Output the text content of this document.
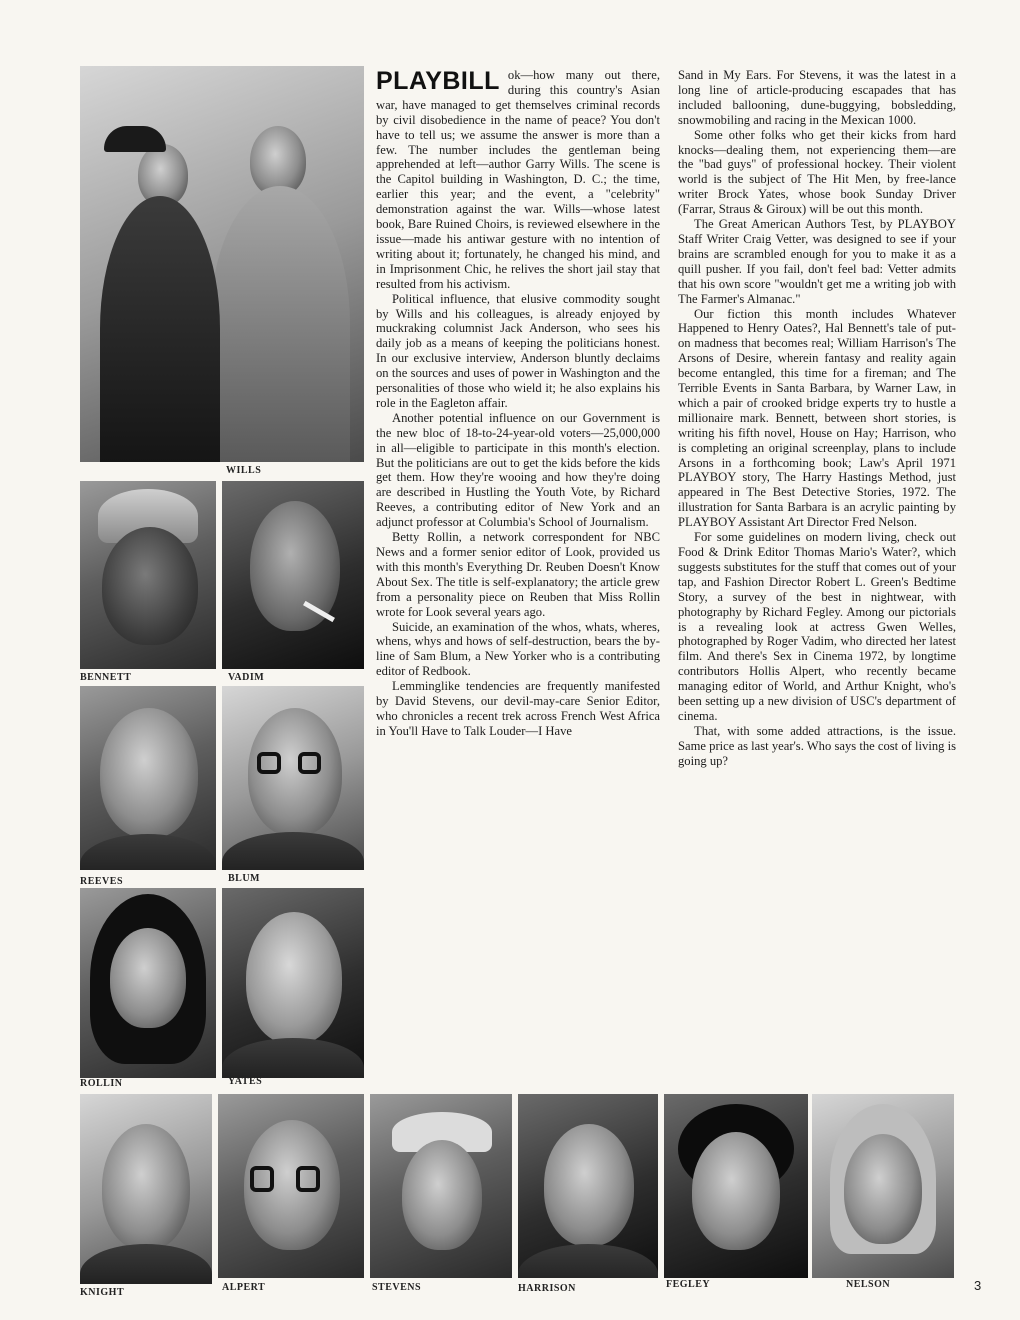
WILLS
BENNETT	VADIM
REEVES	BLUM
ROLLIN	YATES
KNIGHT	ALPERT	STEVENS	HARRISON	FEGLEY	NELSON
PLAYBILL ok—how many out there, during this country's Asian war, have managed to get themselves criminal records by civil disobedience in the name of peace? You don't have to tell us; we assume the answer is more than a few. The number includes the gentleman being apprehended at left—author Garry Wills. The scene is the Capitol building in Washington, D. C.; the time, earlier this year; and the event, a "celebrity" demonstration against the war. Wills—whose latest book, Bare Ruined Choirs, is reviewed elsewhere in the issue—made his antiwar gesture with no intention of writing about it; fortunately, he changed his mind, and in Imprisonment Chic, he relives the short jail stay that resulted from his activism.

Political influence, that elusive commodity sought by Wills and his colleagues, is already enjoyed by muckraking columnist Jack Anderson, who sees his daily job as a means of keeping the politicians honest. In our exclusive interview, Anderson bluntly declaims on the sources and uses of power in Washington and the personalities of those who wield it; he also explains his role in the Eagleton affair.

Another potential influence on our Government is the new bloc of 18-to-24-year-old voters—25,000,000 in all—eligible to participate in this month's election. But the politicians are out to get the kids before the kids get them. How they're wooing and how they're doing are described in Hustling the Youth Vote, by Richard Reeves, a contributing editor of New York and an adjunct professor at Columbia's School of Journalism.

Betty Rollin, a network correspondent for NBC News and a former senior editor of Look, provided us with this month's Everything Dr. Reuben Doesn't Know About Sex. The title is self-explanatory; the article grew from a personality piece on Reuben that Miss Rollin wrote for Look several years ago.

Suicide, an examination of the whos, whats, wheres, whens, whys and hows of self-destruction, bears the by-line of Sam Blum, a New Yorker who is a contributing editor of Redbook.

Lemminglike tendencies are frequently manifested by David Stevens, our devil-may-care Senior Editor, who chronicles a recent trek across French West Africa in You'll Have to Talk Louder—I Have

Sand in My Ears. For Stevens, it was the latest in a long line of article-producing escapades that has included ballooning, dune-buggying, bobsledding, snowmobiling and racing in the Mexican 1000.

Some other folks who get their kicks from hard knocks—dealing them, not experiencing them—are the "bad guys" of professional hockey. Their violent world is the subject of The Hit Men, by free-lance writer Brock Yates, whose book Sunday Driver (Farrar, Straus & Giroux) will be out this month.

The Great American Authors Test, by PLAYBOY Staff Writer Craig Vetter, was designed to see if your brains are scrambled enough for you to make it as a quill pusher. If you fail, don't feel bad: Vetter admits that his own score "wouldn't get me a writing job with The Farmer's Almanac."

Our fiction this month includes Whatever Happened to Henry Oates?, Hal Bennett's tale of put-on madness that becomes real; William Harrison's The Arsons of Desire, wherein fantasy and reality again become entangled, this time for a fireman; and The Terrible Events in Santa Barbara, by Warner Law, in which a pair of crooked bridge experts try to hustle a millionaire mark. Bennett, between short stories, is writing his fifth novel, House on Hay; Harrison, who is completing an original screenplay, plans to include Arsons in a forthcoming book; Law's April 1971 PLAYBOY story, The Harry Hastings Method, just appeared in The Best Detective Stories, 1972. The illustration for Santa Barbara is an acrylic painting by PLAYBOY Assistant Art Director Fred Nelson.

For some guidelines on modern living, check out Food & Drink Editor Thomas Mario's Water?, which suggests substitutes for the stuff that comes out of your tap, and Fashion Director Robert L. Green's Bedtime Story, a survey of the best in nightwear, with photography by Richard Fegley. Among our pictorials is a revealing look at actress Gwen Welles, photographed by Roger Vadim, who directed her latest film. And there's Sex in Cinema 1972, by longtime contributors Hollis Alpert, who recently became managing editor of World, and Arthur Knight, who's been setting up a new division of USC's department of cinema.

That, with some added attractions, is the issue. Same price as last year's. Who says the cost of living is going up?

3
